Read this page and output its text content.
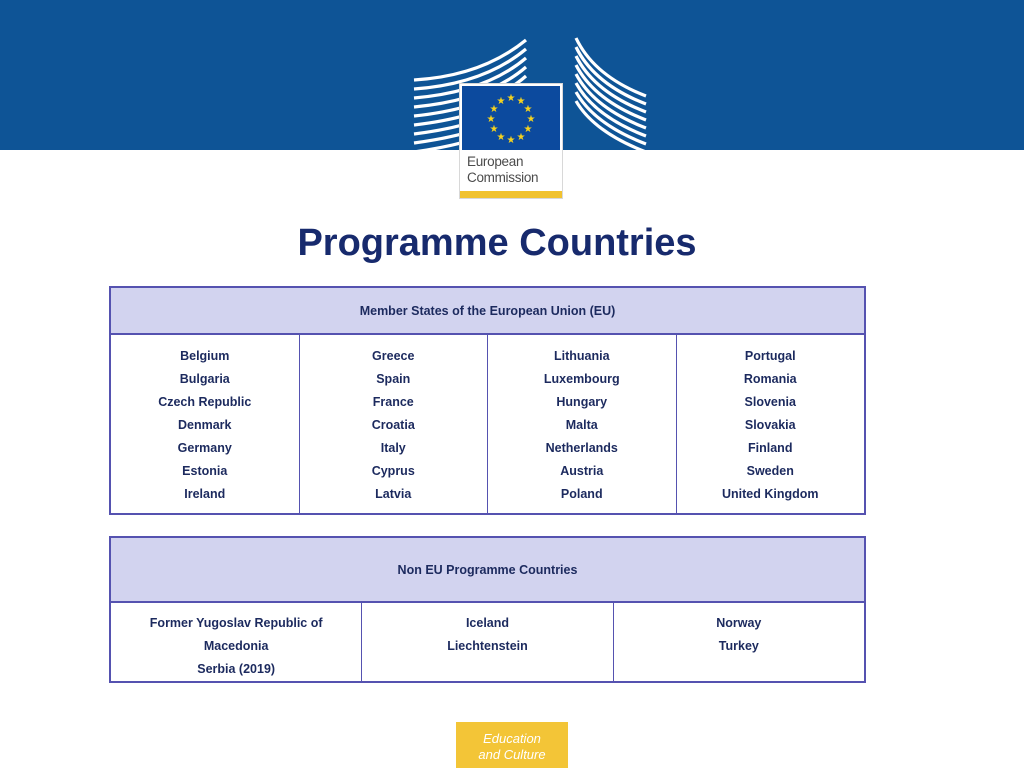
★ ★
★
★
★
★
★
★
★
★
★
★
European
Commission
Programme Countries
Member States of the European Union (EU)
Belgium
Bulgaria
Czech Republic
Denmark
Germany
Estonia
Ireland
Greece
Spain
France
Croatia
Italy
Cyprus
Latvia
Lithuania
Luxembourg
Hungary
Malta
Netherlands
Austria
Poland
Portugal
Romania
Slovenia
Slovakia
Finland
Sweden
United Kingdom
Non EU Programme Countries
Former Yugoslav Republic of
Macedonia
Serbia (2019)
Iceland
Liechtenstein
Norway
Turkey
Education
and Culture
